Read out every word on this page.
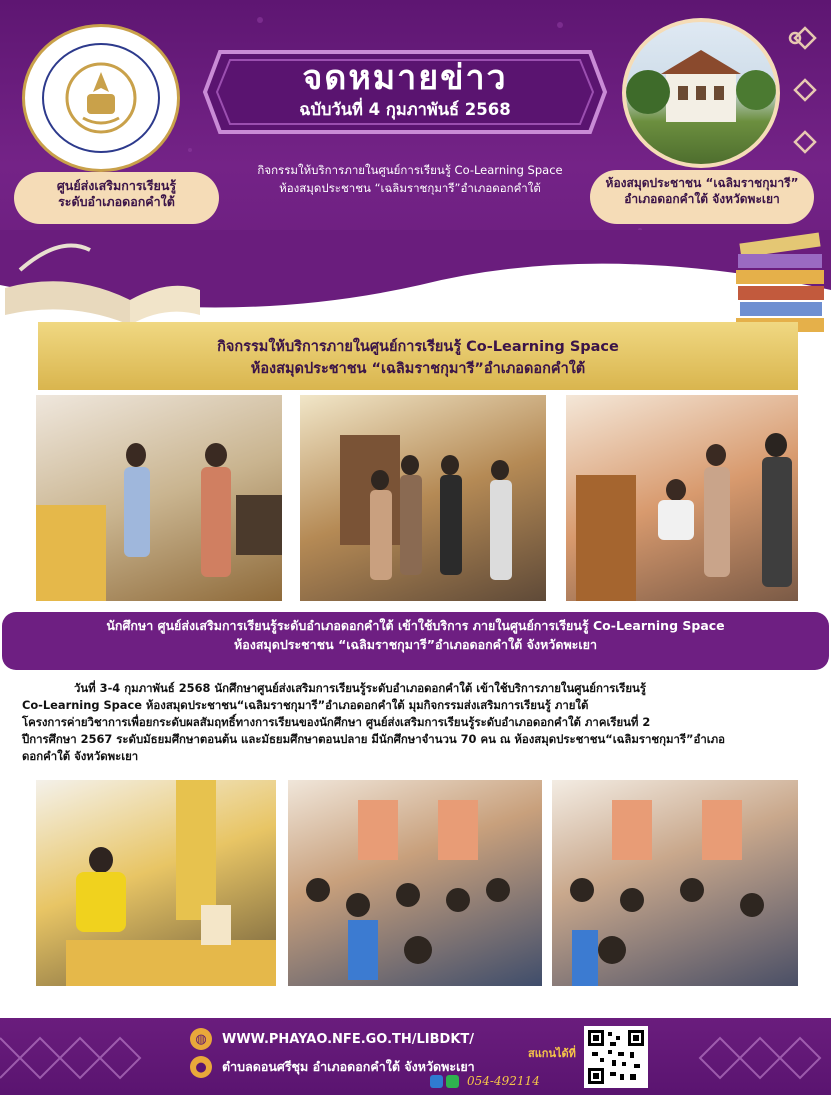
จดหมายข่าว
ฉบับวันที่ 4 กุมภาพันธ์ 2568
กิจกรรมให้บริการภายในศูนย์การเรียนรู้ Co-Learning Space
ห้องสมุดประชาชน “เฉลิมราชกุมารี”อำเภอดอกคำใต้
ศูนย์ส่งเสริมการเรียนรู้
ระดับอำเภอดอกคำใต้
ห้องสมุดประชาชน “เฉลิมราชกุมารี”
อำเภอดอกคำใต้ จังหวัดพะเยา
กิจกรรมให้บริการภายในศูนย์การเรียนรู้ Co-Learning Space
ห้องสมุดประชาชน “เฉลิมราชกุมารี”อำเภอดอกคำใต้
นักศึกษา ศูนย์ส่งเสริมการเรียนรู้ระดับอำเภอดอกคำใต้ เข้าใช้บริการ ภายในศูนย์การเรียนรู้ Co-Learning Space
ห้องสมุดประชาชน “เฉลิมราชกุมารี”อำเภอดอกคำใต้ จังหวัดพะเยา

วันที่ 3-4 กุมภาพันธ์ 2568 นักศึกษาศูนย์ส่งเสริมการเรียนรู้ระดับอำเภอดอกคำใต้ เข้าใช้บริการภายในศูนย์การเรียนรู้

Co-Learning Space ห้องสมุดประชาชน“เฉลิมราชกุมารี”อำเภอดอกคำใต้ มุมกิจกรรมส่งเสริมการเรียนรู้ ภายใต้

โครงการค่ายวิชาการเพื่อยกระดับผลสัมฤทธิ์ทางการเรียนของนักศึกษา ศูนย์ส่งเสริมการเรียนรู้ระดับอำเภอดอกคำใต้ ภาคเรียนที่ 2

ปีการศึกษา 2567 ระดับมัธยมศึกษาตอนต้น และมัธยมศึกษาตอนปลาย มีนักศึกษาจำนวน 70 คน ณ ห้องสมุดประชาชน“เฉลิมราชกุมารี”อำเภอ

ดอกคำใต้ จังหวัดพะเยา

◍	WWW.PHAYAO.NFE.GO.TH/LIBDKT/
●	ตำบลดอนศรีชุม อำเภอดอกคำใต้ จังหวัดพะเยา
สแกนได้ที่
054-492114
